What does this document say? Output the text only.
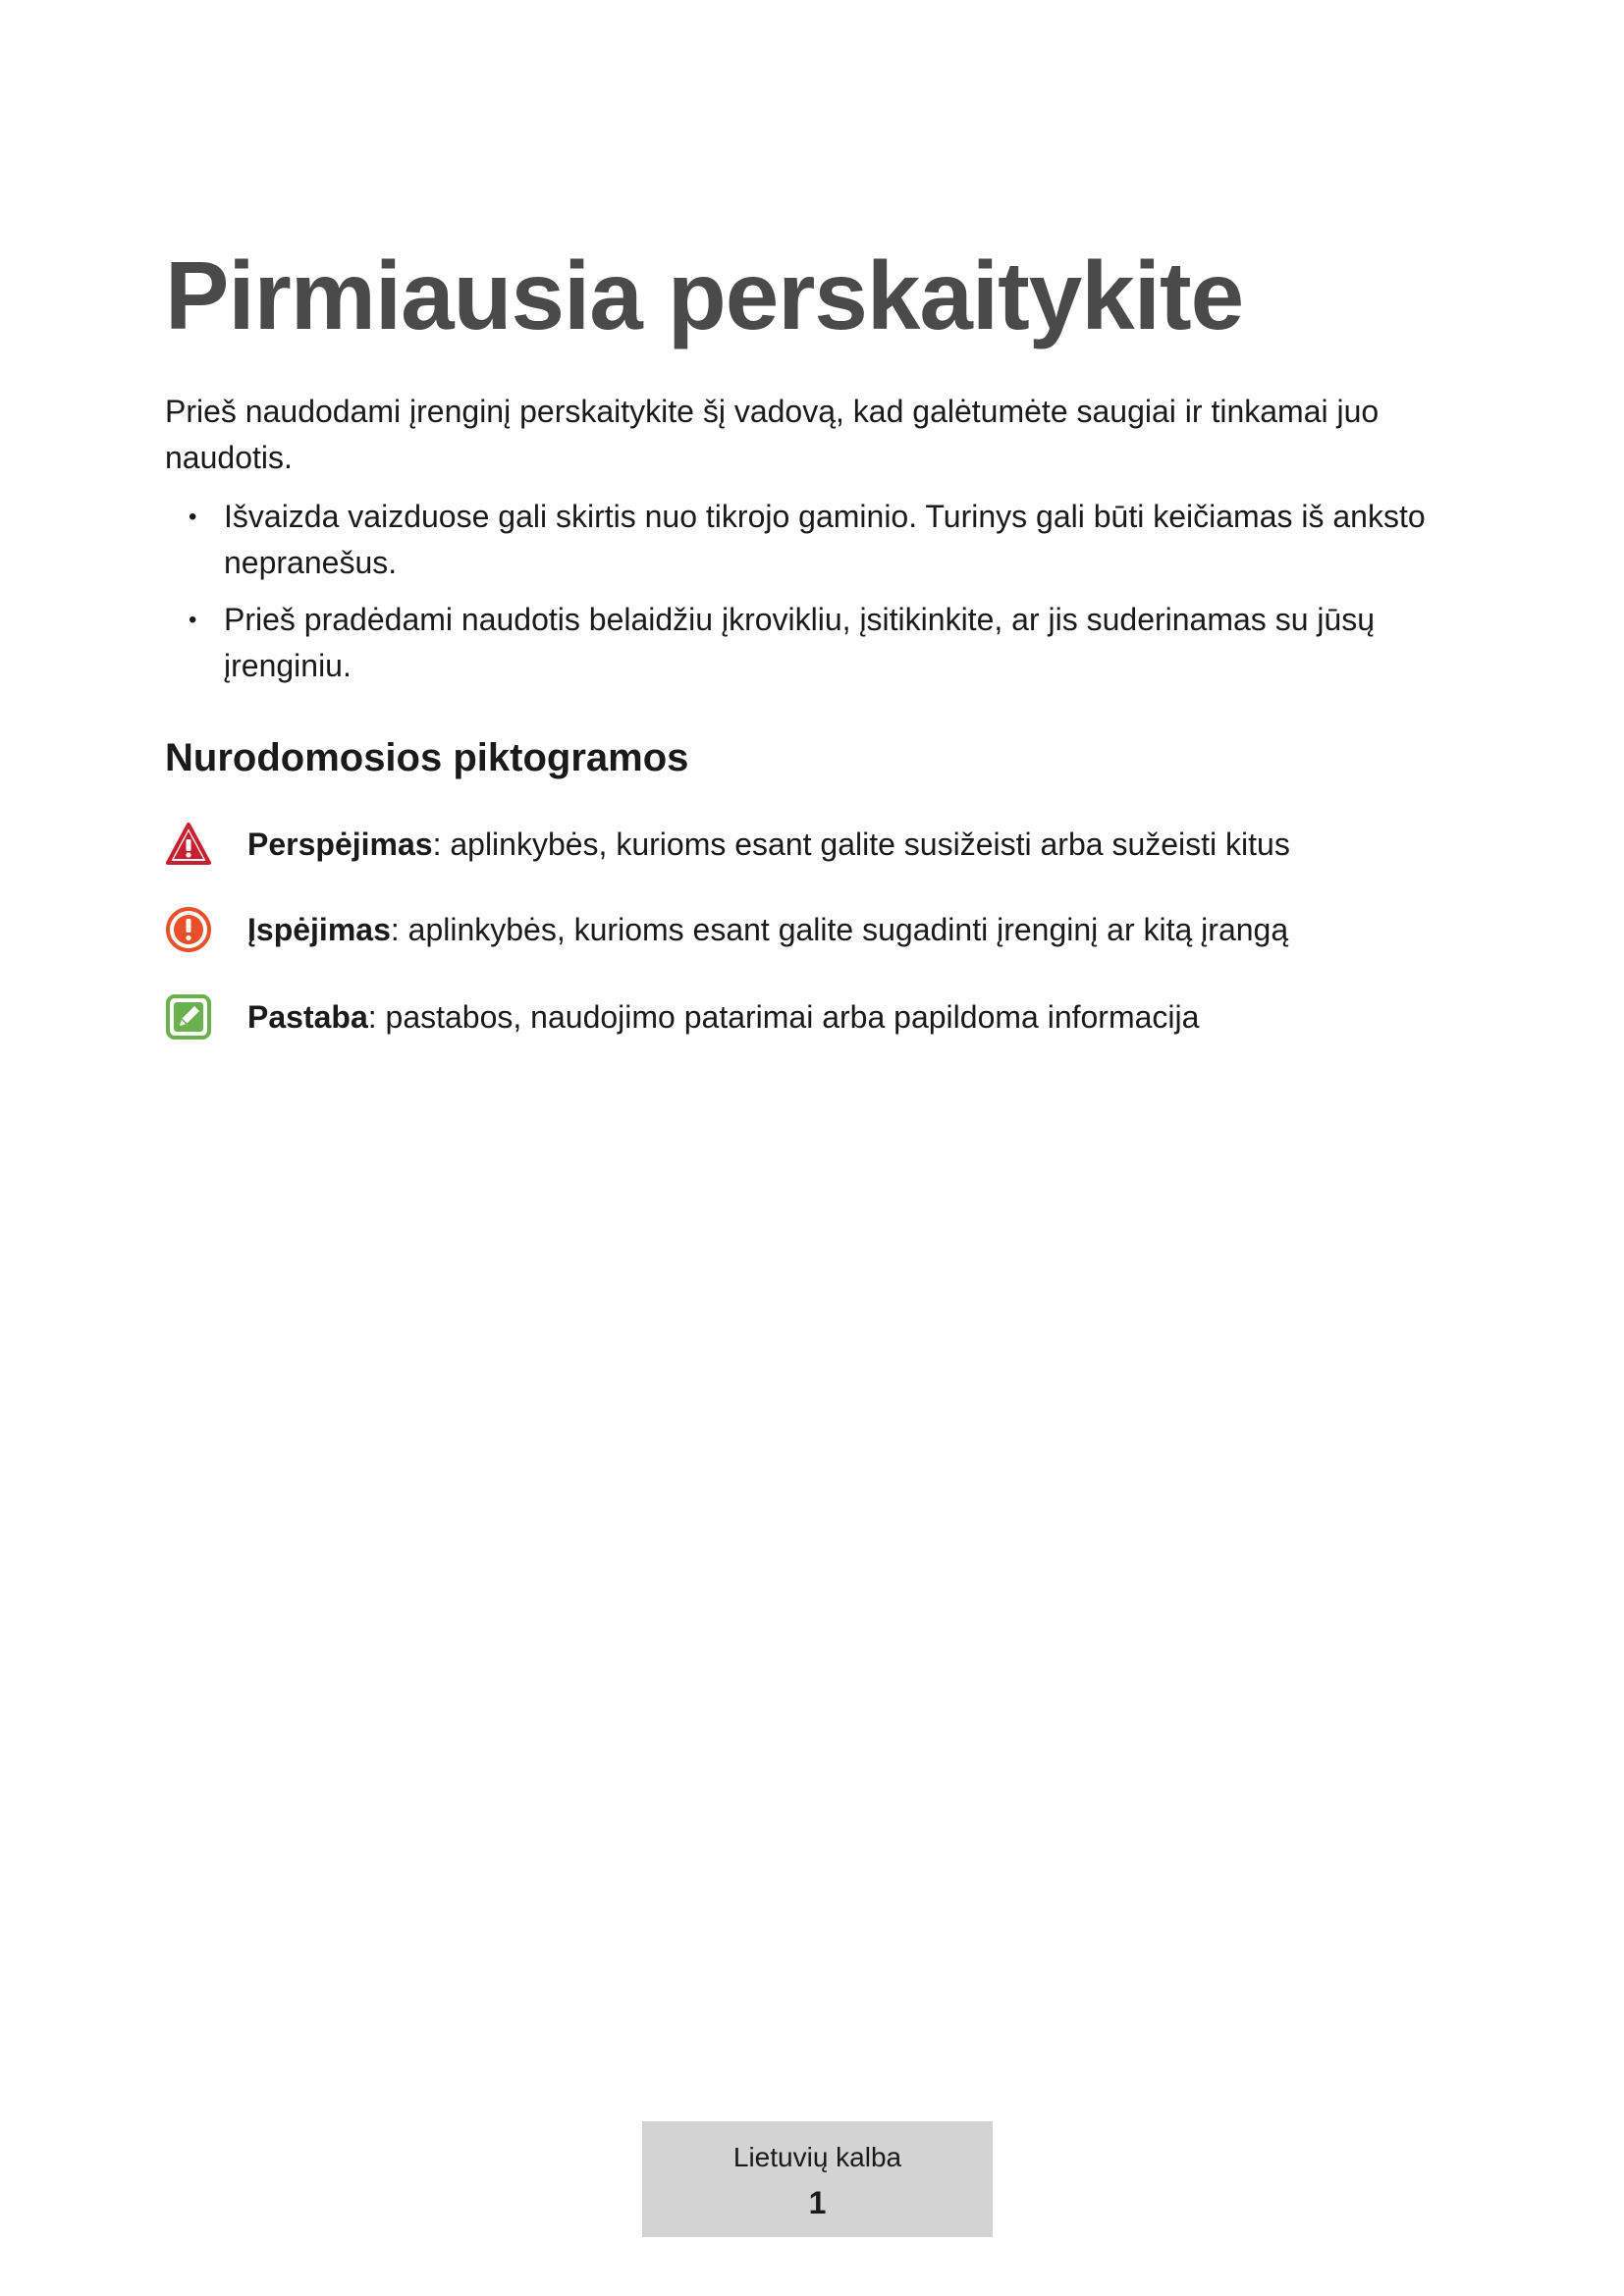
Pirmiausia perskaitykite

Prieš naudodami įrenginį perskaitykite šį vadovą, kad galėtumėte saugiai ir tinkamai juo naudotis.

• Išvaizda vaizduose gali skirtis nuo tikrojo gaminio. Turinys gali būti keičiamas iš anksto nepranešus.
• Prieš pradėdami naudotis belaidžiu įkrovikliu, įsitikinkite, ar jis suderinamas su jūsų įrenginiu.
Nurodomosios piktogramos
Perspėjimas: aplinkybės, kurioms esant galite susižeisti arba sužeisti kitus
Įspėjimas: aplinkybės, kurioms esant galite sugadinti įrenginį ar kitą įrangą
Pastaba: pastabos, naudojimo patarimai arba papildoma informacija
Lietuvių kalba
1
